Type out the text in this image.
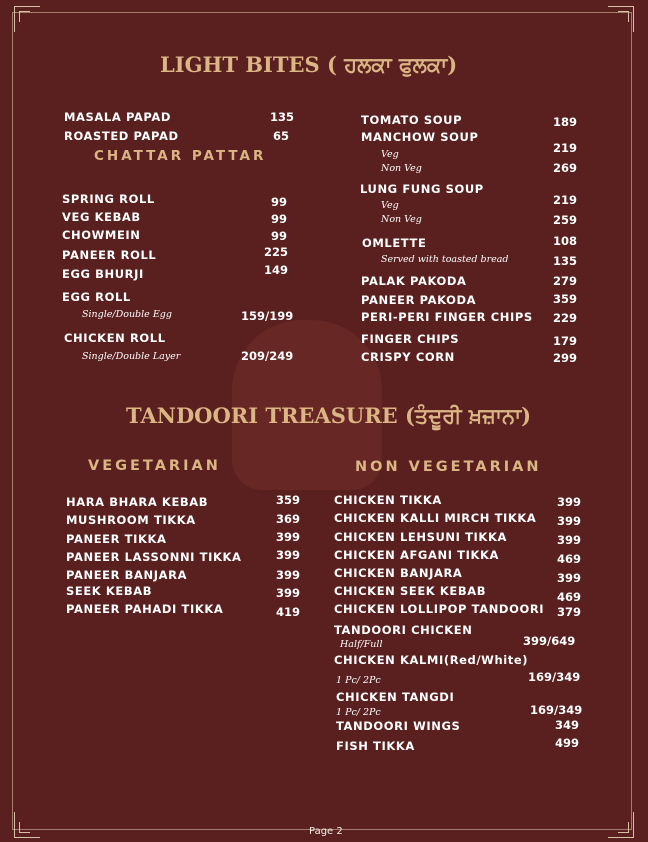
LIGHT BITES ( ਹਲਕਾ ਫੁਲਕਾ)
MASALA PAPAD	135
ROASTED PAPAD	65
CHATTAR PATTAR
SPRING ROLL	99
VEG KEBAB	99
CHOWMEIN	99
PANEER ROLL	225
EGG BHURJI	149
EGG ROLL
Single/Double Egg	159/199
CHICKEN ROLL
Single/Double Layer	209/249
TOMATO SOUP	189
MANCHOW SOUP
Veg	219
Non Veg	269
LUNG FUNG SOUP
Veg	219
Non Veg	259
OMLETTE	108
Served with toasted bread	135
PALAK PAKODA	279
PANEER PAKODA	359
PERI-PERI FINGER CHIPS 229
FINGER CHIPS	179
CRISPY CORN	299
TANDOORI TREASURE (ਤੰਦੂਰੀ ਖ਼ਜ਼ਾਨਾ)
VEGETARIAN	NON VEGETARIAN
HARA BHARA KEBAB	359
MUSHROOM TIKKA	369
PANEER TIKKA	399
PANEER LASSONNI TIKKA	399
PANEER BANJARA	399
SEEK KEBAB	399
PANEER PAHADI TIKKA	419
CHICKEN TIKKA	399
CHICKEN KALLI MIRCH TIKKA 399
CHICKEN LEHSUNI TIKKA	399
CHICKEN AFGANI TIKKA	469
CHICKEN BANJARA	399
CHICKEN SEEK KEBAB	469
CHICKEN LOLLIPOP TANDOORI 379
TANDOORI CHICKEN
Half/Full	399/649
CHICKEN KALMI(Red/White)
1 Pc/ 2Pc	169/349
CHICKEN TANGDI
1 Pc/ 2Pc	169/349
TANDOORI WINGS	349
FISH TIKKA	499
Page 2
